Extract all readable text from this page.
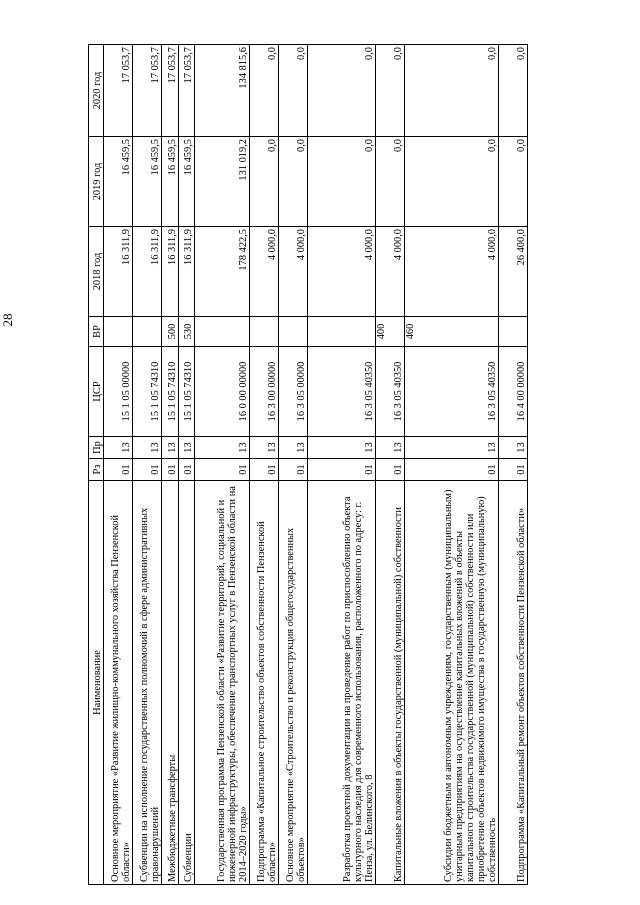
28
Наименование	Рз	Пр	ЦСР	ВР	2018 год	2019 год	2020 год
Основное мероприятие «Развитие жилищно-коммунального хозяйства Пензенской области»	01	13	15 1 05 00000		16 311,9	16 459,5	17 053,7
Субвенции на исполнение государственных полномочий в сфере административных правонарушений	01	13	15 1 05 74310		16 311,9	16 459,5	17 053,7
Межбюджетные трансферты	01	13	15 1 05 74310	500	16 311,9	16 459,5	17 053,7
Субвенции	01	13	15 1 05 74310	530	16 311,9	16 459,5	17 053,7
Государственная программа Пензенской области «Развитие территорий, социальной и инженерной инфраструктуры, обеспечение транспортных услуг в Пензенской области на 2014–2020 годы»	01	13	16 0 00 00000		178 422,5	131 019,2	134 815,6
Подпрограмма «Капитальное строительство объектов собственности Пензенской области»	01	13	16 3 00 00000		4 000,0	0,0	0,0
Основное мероприятие «Строительство и реконструкция общегосударственных объектов»	01	13	16 3 05 00000		4 000,0	0,0	0,0
Разработка проектной документации на проведение работ по приспособлению объекта культурного наследия для современного использования, расположенного по адресу: г. Пенза, ул. Белинского, 8	01	13	16 3 05 40350		4 000,0	0,0	0,0
Капитальные вложения в объекты государственной (муниципальной) собственности	01	13	16 3 05 40350	400	4 000,0	0,0	0,0
Субсидии бюджетным и автономным учреждениям, государственным (муниципальным) унитарным предприятиям на осуществление капитальных вложений в объекты капитального строительства государственной (муниципальной) собственности или приобретение объектов недвижимого имущества в государственную (муниципальную) собственность	01	13	16 3 05 40350	460	4 000,0	0,0	0,0
Подпрограмма «Капитальный ремонт объектов собственности Пензенской области»	01	13	16 4 00 00000		26 400,0	0,0	0,0
